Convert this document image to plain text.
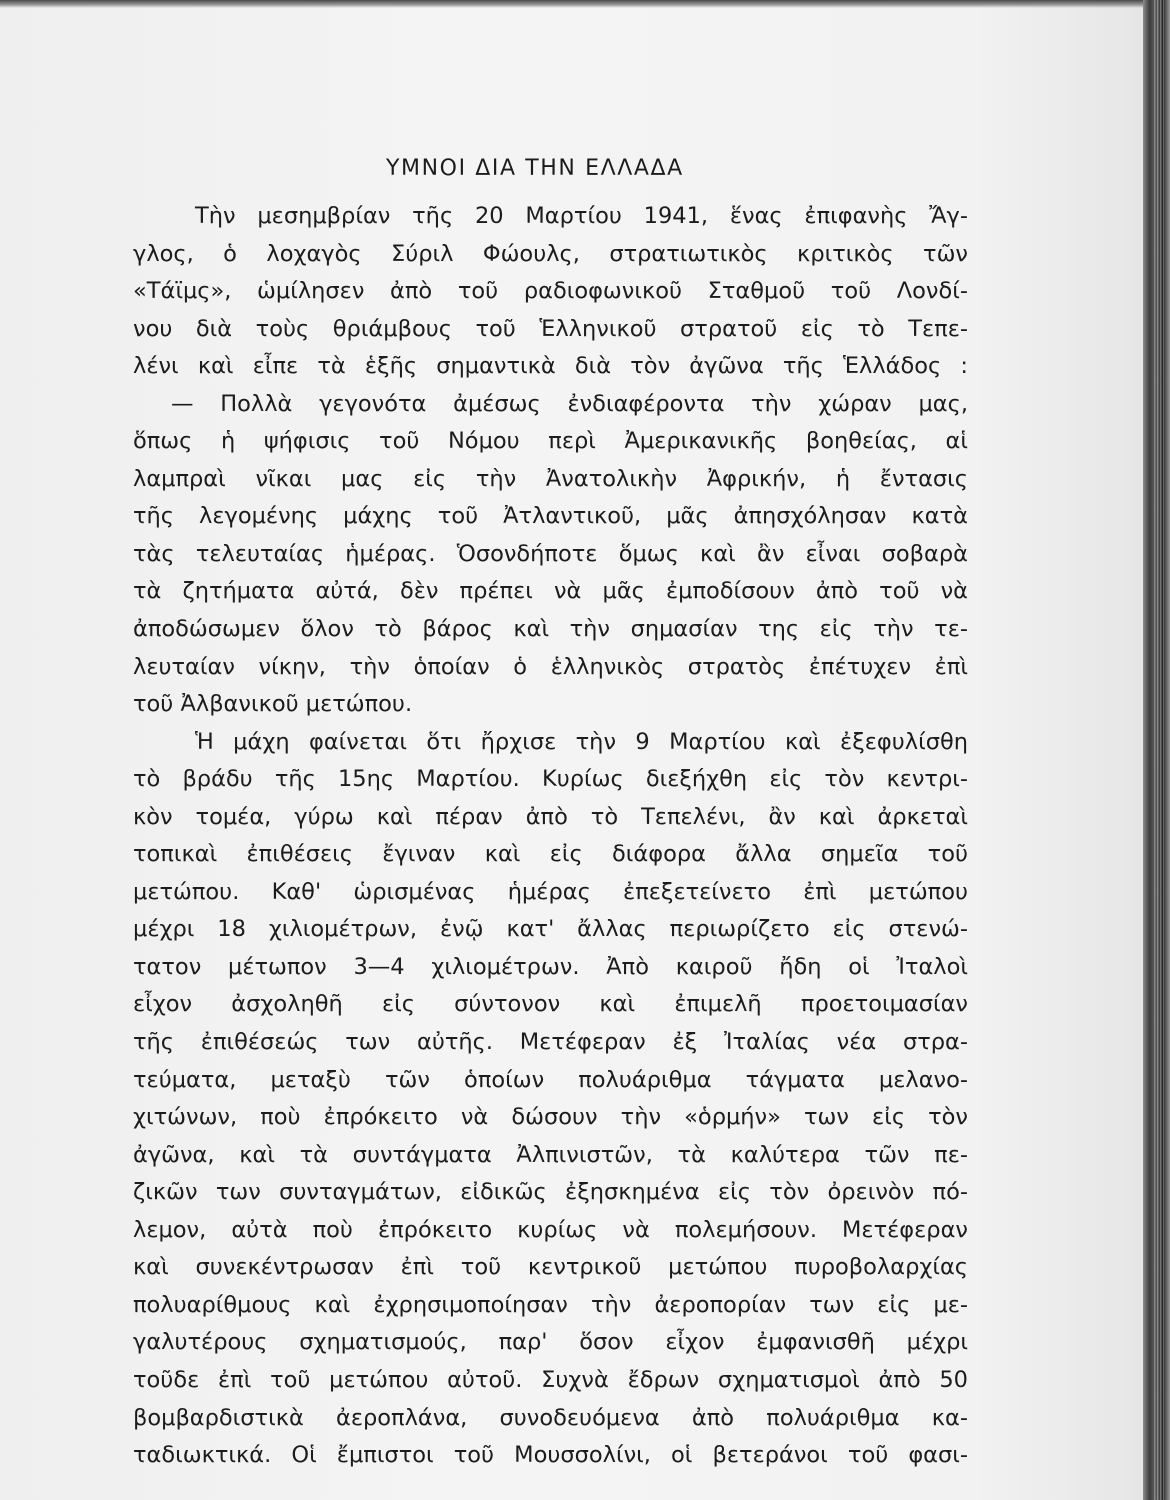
ΥΜΝΟΙ ΔΙΑ ΤΗΝ ΕΛΛΑΔΑ
Τὴν μεσημβρίαν τῆς 20 Μαρτίου 1941, ἕνας ἐπιφανὴς Ἄγ-
γλος, ὁ λοχαγὸς Σύριλ Φώουλς, στρατιωτικὸς κριτικὸς τῶν
«Τάϊμς», ὡμίλησεν ἀπὸ τοῦ ραδιοφωνικοῦ Σταθμοῦ τοῦ Λονδί-
νου διὰ τοὺς θριάμβους τοῦ Ἑλληνικοῦ στρατοῦ εἰς τὸ Τεπε-
λένι καὶ εἶπε τὰ ἑξῆς σημαντικὰ διὰ τὸν ἀγῶνα τῆς Ἑλλάδος :
— Πολλὰ γεγονότα ἀμέσως ἐνδιαφέροντα τὴν χώραν μας,
ὅπως ἡ ψήφισις τοῦ Νόμου περὶ Ἀμερικανικῆς βοηθείας, αἱ
λαμπραὶ νῖκαι μας εἰς τὴν Ἀνατολικὴν Ἀφρικήν, ἡ ἔντασις
τῆς λεγομένης μάχης τοῦ Ἀτλαντικοῦ, μᾶς ἀπησχόλησαν κατὰ
τὰς τελευταίας ἡμέρας. Ὁσονδήποτε ὅμως καὶ ἂν εἶναι σοβαρὰ
τὰ ζητήματα αὐτά, δὲν πρέπει νὰ μᾶς ἐμποδίσουν ἀπὸ τοῦ νὰ
ἀποδώσωμεν ὅλον τὸ βάρος καὶ τὴν σημασίαν της εἰς τὴν τε-
λευταίαν νίκην, τὴν ὁποίαν ὁ ἑλληνικὸς στρατὸς ἐπέτυχεν ἐπὶ
τοῦ Ἀλβανικοῦ μετώπου.
Ἡ μάχη φαίνεται ὅτι ἤρχισε τὴν 9 Μαρτίου καὶ ἐξεφυλίσθη
τὸ βράδυ τῆς 15ης Μαρτίου. Κυρίως διεξήχθη εἰς τὸν κεντρι-
κὸν τομέα, γύρω καὶ πέραν ἀπὸ τὸ Τεπελένι, ἂν καὶ ἀρκεταὶ
τοπικαὶ ἐπιθέσεις ἔγιναν καὶ εἰς διάφορα ἄλλα σημεῖα τοῦ
μετώπου. Καθ' ὡρισμένας ἡμέρας ἐπεξετείνετο ἐπὶ μετώπου
μέχρι 18 χιλιομέτρων, ἐνῷ κατ' ἄλλας περιωρίζετο εἰς στενώ-
τατον μέτωπον 3—4 χιλιομέτρων. Ἀπὸ καιροῦ ἤδη οἱ Ἰταλοὶ
εἶχον ἀσχοληθῆ εἰς σύντονον καὶ ἐπιμελῆ προετοιμασίαν
τῆς ἐπιθέσεώς των αὐτῆς. Μετέφεραν ἐξ Ἰταλίας νέα στρα-
τεύματα, μεταξὺ τῶν ὁποίων πολυάριθμα τάγματα μελανο-
χιτώνων, ποὺ ἐπρόκειτο νὰ δώσουν τὴν «ὁρμήν» των εἰς τὸν
ἀγῶνα, καὶ τὰ συντάγματα Ἀλπινιστῶν, τὰ καλύτερα τῶν πε-
ζικῶν των συνταγμάτων, εἰδικῶς ἐξησκημένα εἰς τὸν ὀρεινὸν πό-
λεμον, αὐτὰ ποὺ ἐπρόκειτο κυρίως νὰ πολεμήσουν. Μετέφεραν
καὶ συνεκέντρωσαν ἐπὶ τοῦ κεντρικοῦ μετώπου πυροβολαρχίας
πολυαρίθμους καὶ ἐχρησιμοποίησαν τὴν ἀεροπορίαν των εἰς με-
γαλυτέρους σχηματισμούς, παρ' ὅσον εἶχον ἐμφανισθῆ μέχρι
τοῦδε ἐπὶ τοῦ μετώπου αὐτοῦ. Συχνὰ ἔδρων σχηματισμοὶ ἀπὸ 50
βομβαρδιστικὰ ἀεροπλάνα, συνοδευόμενα ἀπὸ πολυάριθμα κα-
ταδιωκτικά. Οἱ ἔμπιστοι τοῦ Μουσσολίνι, οἱ βετεράνοι τοῦ φασι-
